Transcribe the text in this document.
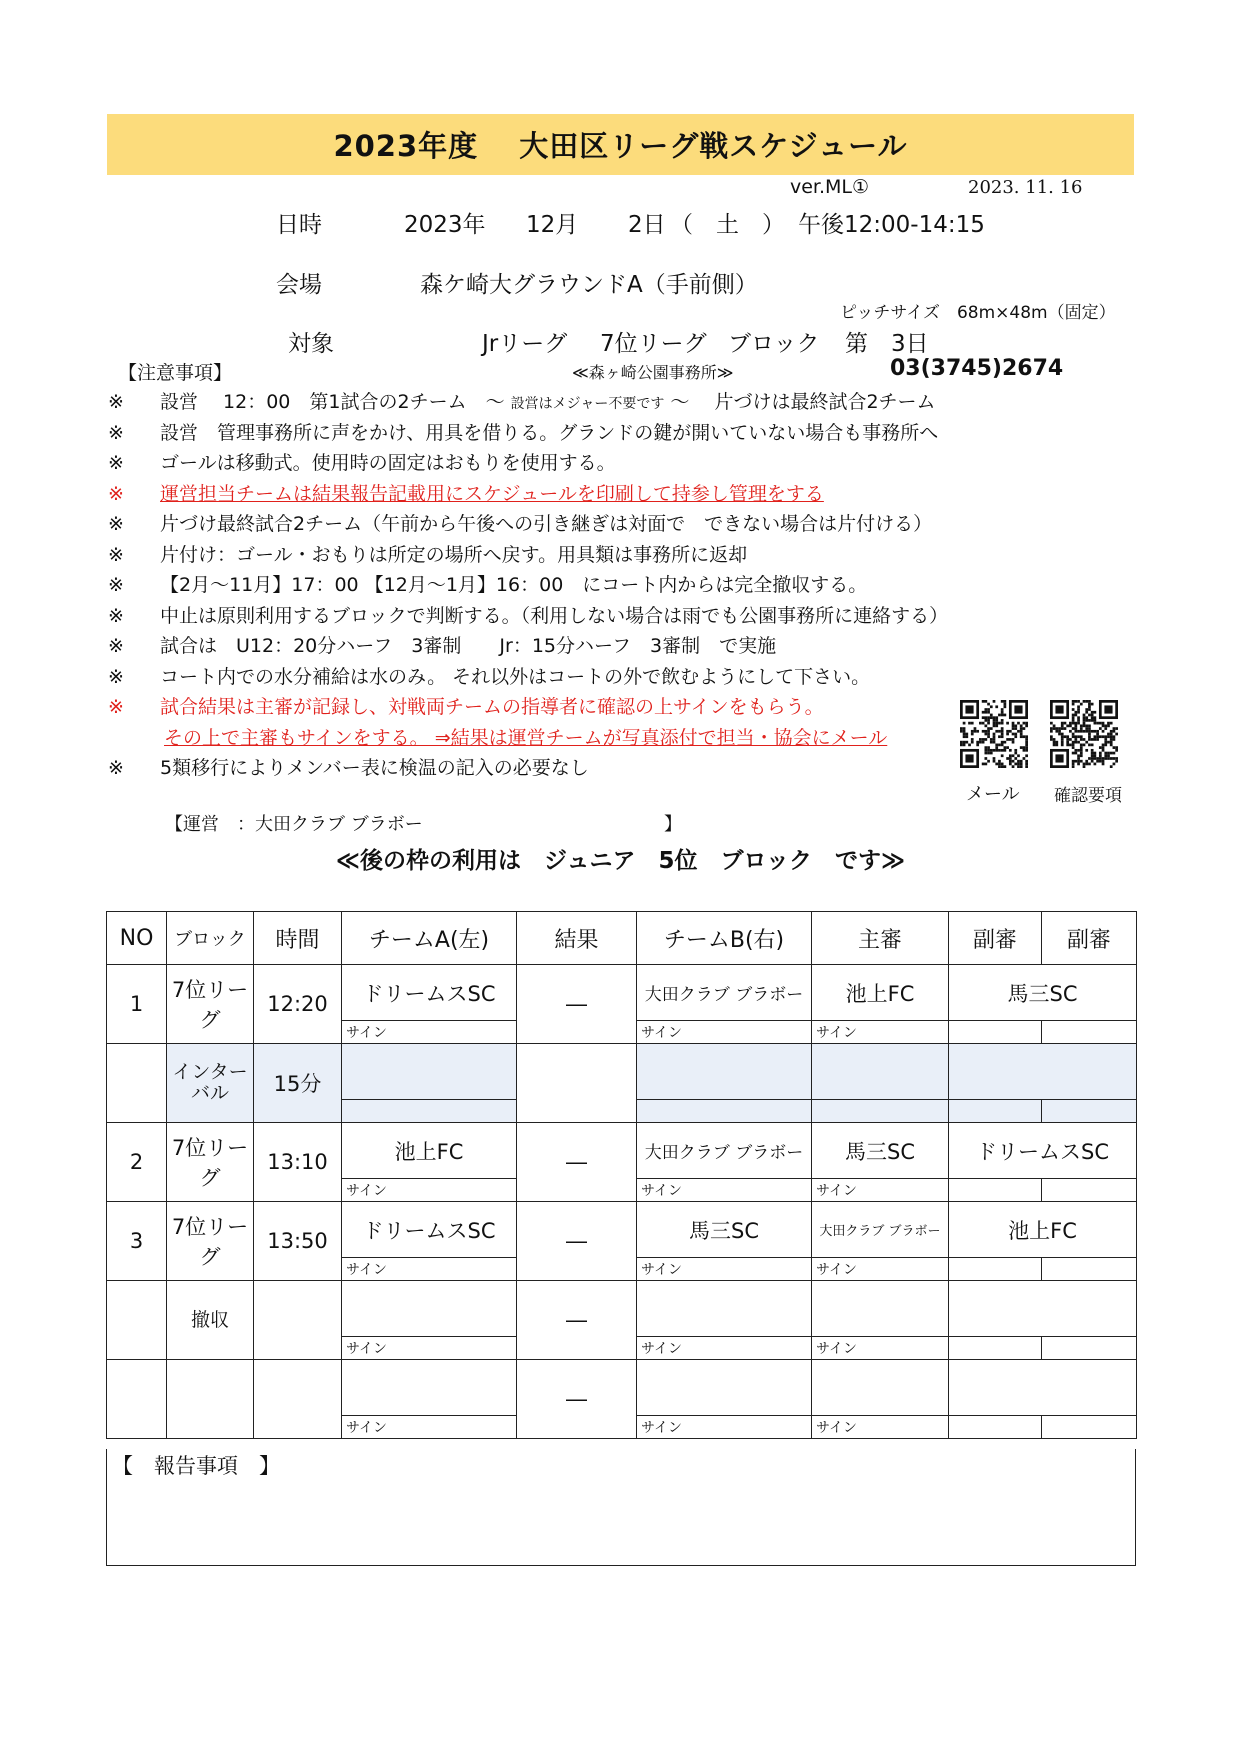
2023年度　 大田区リーグ戦スケジュール
ver.ML①	2023. 11. 16
日時	2023年 12月 2日 （　土　） 午後12:00-14:15
会場	森ケ崎大グラウンドA（手前側）
ピッチサイズ　68m×48m（固定）
対象	Jrリーグ 7位リーグ ブロック 第　3日
【注意事項】	≪森ヶ崎公園事務所≫	03(3745)2674
※ 設営　 12：00　第1試合の2チーム　～ 設営はメジャー不要です ～　 片づけは最終試合2チーム
※ 設営　管理事務所に声をかけ、用具を借りる。グランドの鍵が開いていない場合も事務所へ
※ ゴールは移動式。使用時の固定はおもりを使用する。
※ 運営担当チームは結果報告記載用にスケジュールを印刷して持参し管理をする
※ 片づけ最終試合2チーム（午前から午後への引き継ぎは対面で　できない場合は片付ける）
※ 片付け：ゴール・おもりは所定の場所へ戻す。用具類は事務所に返却
※ 【2月～11月】17：00 【12月～1月】16：00　にコート内からは完全撤収する。
※ 中止は原則利用するブロックで判断する。（利用しない場合は雨でも公園事務所に連絡する）
※ 試合は　U12：20分ハーフ　3審制　　Jr：15分ハーフ　3審制　で実施
※ コート内での水分補給は水のみ。 それ以外はコートの外で飲むようにして下さい。
※ 試合結果は主審が記録し、対戦両チームの指導者に確認の上サインをもらう。
その上で主審もサインをする。 ⇒結果は運営チームが写真添付で担当・協会にメール
※ 5類移行によりメンバー表に検温の記入の必要なし
メール 確認要項
【運営　：大田クラブ ブラボー	】
≪後の枠の利用は　ジュニア　5位　ブロック　です≫
NO	ブロック	時間	チームA(左)	結果	チームB(右)	主審	副審	副審
1	7位リーグ	12:20	ドリームスSC	―	大田クラブ ブラボー	池上FC	馬三SC	
			サイン		サイン	サイン		
	インター
バル	15分						

2	7位リーグ	13:10	池上FC	―	大田クラブ ブラボー	馬三SC	ドリームスSC	
			サイン		サイン	サイン		
3	7位リーグ	13:50	ドリームスSC	―	馬三SC	大田クラブ ブラボー	池上FC	
			サイン		サイン	サイン		
	撤収			―				
			サイン		サイン	サイン		
				―				
			サイン		サイン	サイン		
【　報告事項　】
